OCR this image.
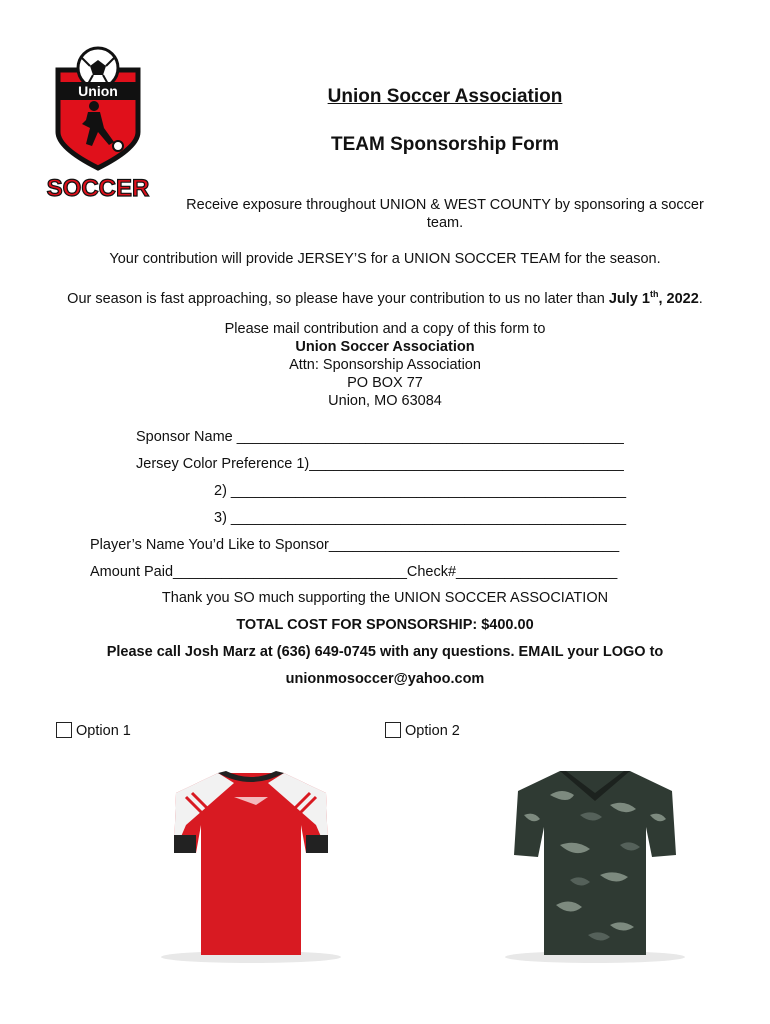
Union
SOCCER
Union Soccer Association
TEAM Sponsorship Form
Receive exposure throughout UNION & WEST COUNTY by sponsoring a soccer
team.
Your contribution will provide JERSEY’S for a UNION SOCCER TEAM for the season.
Our season is fast approaching, so please have your contribution to us no later than July 1th, 2022.
Please mail contribution and a copy of this form to
Union Soccer Association
Attn: Sponsorship Association
PO BOX 77
Union, MO 63084
Sponsor Name ________________________________________________
Jersey Color Preference 1)_______________________________________
2) _________________________________________________
3) _________________________________________________
Player’s Name You’d Like to Sponsor____________________________________
Amount Paid_____________________________Check#____________________
Thank you SO much supporting the UNION SOCCER ASSOCIATION
TOTAL COST FOR SPONSORSHIP: $400.00
Please call Josh Marz at (636) 649-0745 with any questions. EMAIL your LOGO to
unionmosoccer@yahoo.com
Option 1	Option 2
